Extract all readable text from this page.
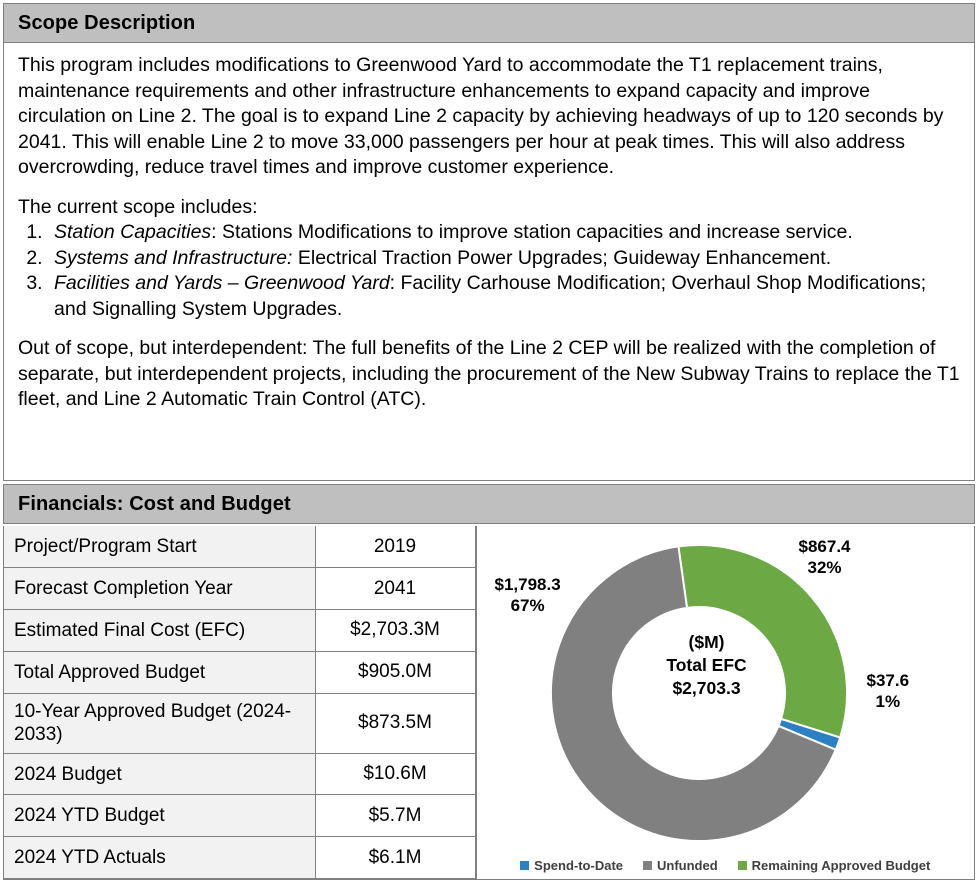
Scope Description

This program includes modifications to Greenwood Yard to accommodate the T1 replacement trains, maintenance requirements and other infrastructure enhancements to expand capacity and improve circulation on Line 2. The goal is to expand Line 2 capacity by achieving headways of up to 120 seconds by 2041. This will enable Line 2 to move 33,000 passengers per hour at peak times. This will also address overcrowding, reduce travel times and improve customer experience.

The current scope includes:

1. Station Capacities: Stations Modifications to improve station capacities and increase service.
2. Systems and Infrastructure: Electrical Traction Power Upgrades; Guideway Enhancement.
3. Facilities and Yards – Greenwood Yard: Facility Carhouse Modification; Overhaul Shop Modifications; and Signalling System Upgrades.

Out of scope, but interdependent: The full benefits of the Line 2 CEP will be realized with the completion of separate, but interdependent projects, including the procurement of the New Subway Trains to replace the T1 fleet, and Line 2 Automatic Train Control (ATC).

Financials: Cost and Budget
Project/Program Start	2019
Forecast Completion Year	2041
Estimated Final Cost (EFC)	$2,703.3M
Total Approved Budget	$905.0M
10-Year Approved Budget (2024-2033)	$873.5M
2024 Budget	$10.6M
2024 YTD Budget	$5.7M
2024 YTD Actuals	$6.1M
$867.4
32%
$1,798.3
67%
$37.6
1%
($M)
Total EFC
$2,703.3
Spend-to-Date	Unfunded	Remaining Approved Budget
